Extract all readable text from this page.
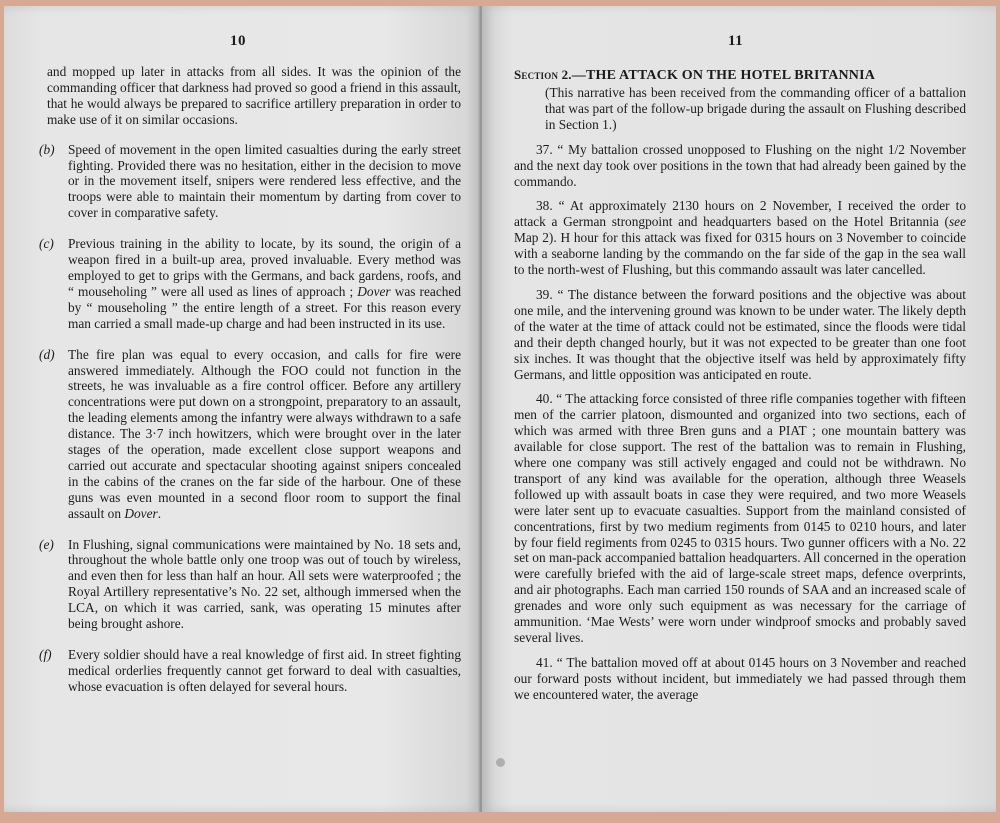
10

and mopped up later in attacks from all sides. It was the opinion of the commanding officer that darkness had proved so good a friend in this assault, that he would always be prepared to sacrifice artillery preparation in order to make use of it on similar occasions.

(b) Speed of movement in the open limited casualties during the early street fighting. Provided there was no hesitation, either in the decision to move or in the movement itself, snipers were rendered less effective, and the troops were able to maintain their momentum by darting from cover to cover in comparative safety.

(c) Previous training in the ability to locate, by its sound, the origin of a weapon fired in a built-up area, proved invaluable. Every method was employed to get to grips with the Germans, and back gardens, roofs, and “ mouseholing ” were all used as lines of approach ; Dover was reached by “ mouseholing ” the entire length of a street. For this reason every man carried a small made-up charge and had been instructed in its use.

(d) The fire plan was equal to every occasion, and calls for fire were answered immediately. Although the FOO could not function in the streets, he was invaluable as a fire control officer. Before any artillery concentrations were put down on a strongpoint, preparatory to an assault, the leading elements among the infantry were always withdrawn to a safe distance. The 3·7 inch howitzers, which were brought over in the later stages of the operation, made excellent close support weapons and carried out accurate and spectacular shooting against snipers concealed in the cabins of the cranes on the far side of the harbour. One of these guns was even mounted in a second floor room to support the final assault on Dover.

(e) In Flushing, signal communications were maintained by No. 18 sets and, throughout the whole battle only one troop was out of touch by wireless, and even then for less than half an hour. All sets were waterproofed ; the Royal Artillery representative’s No. 22 set, although immersed when the LCA, on which it was carried, sank, was operating 15 minutes after being brought ashore.

(f) Every soldier should have a real knowledge of first aid. In street fighting medical orderlies frequently cannot get forward to deal with casualties, whose evacuation is often delayed for several hours.

11
Section 2.—THE ATTACK ON THE HOTEL BRITANNIA

(This narrative has been received from the commanding officer of a battalion that was part of the follow-up brigade during the assault on Flushing described in Section 1.)

37. “ My battalion crossed unopposed to Flushing on the night 1/2 November and the next day took over positions in the town that had already been gained by the commando.

38. “ At approximately 2130 hours on 2 November, I received the order to attack a German strongpoint and headquarters based on the Hotel Britannia (see Map 2). H hour for this attack was fixed for 0315 hours on 3 November to coincide with a seaborne landing by the commando on the far side of the gap in the sea wall to the north-west of Flushing, but this commando assault was later cancelled.

39. “ The distance between the forward positions and the objective was about one mile, and the intervening ground was known to be under water. The likely depth of the water at the time of attack could not be estimated, since the floods were tidal and their depth changed hourly, but it was not expected to be greater than one foot six inches. It was thought that the objective itself was held by approximately fifty Germans, and little opposition was anticipated en route.

40. “ The attacking force consisted of three rifle companies together with fifteen men of the carrier platoon, dismounted and organized into two sections, each of which was armed with three Bren guns and a PIAT ; one mountain battery was available for close support. The rest of the battalion was to remain in Flushing, where one company was still actively engaged and could not be withdrawn. No transport of any kind was available for the operation, although three Weasels followed up with assault boats in case they were required, and two more Weasels were later sent up to evacuate casualties. Support from the mainland consisted of concentrations, first by two medium regiments from 0145 to 0210 hours, and later by four field regiments from 0245 to 0315 hours. Two gunner officers with a No. 22 set on man-pack accompanied battalion headquarters. All concerned in the operation were carefully briefed with the aid of large-scale street maps, defence overprints, and air photographs. Each man carried 150 rounds of SAA and an increased scale of grenades and wore only such equipment as was necessary for the carriage of ammunition. ‘Mae Wests’ were worn under windproof smocks and probably saved several lives.

41. “ The battalion moved off at about 0145 hours on 3 November and reached our forward posts without incident, but immediately we had passed through them we encountered water, the average
